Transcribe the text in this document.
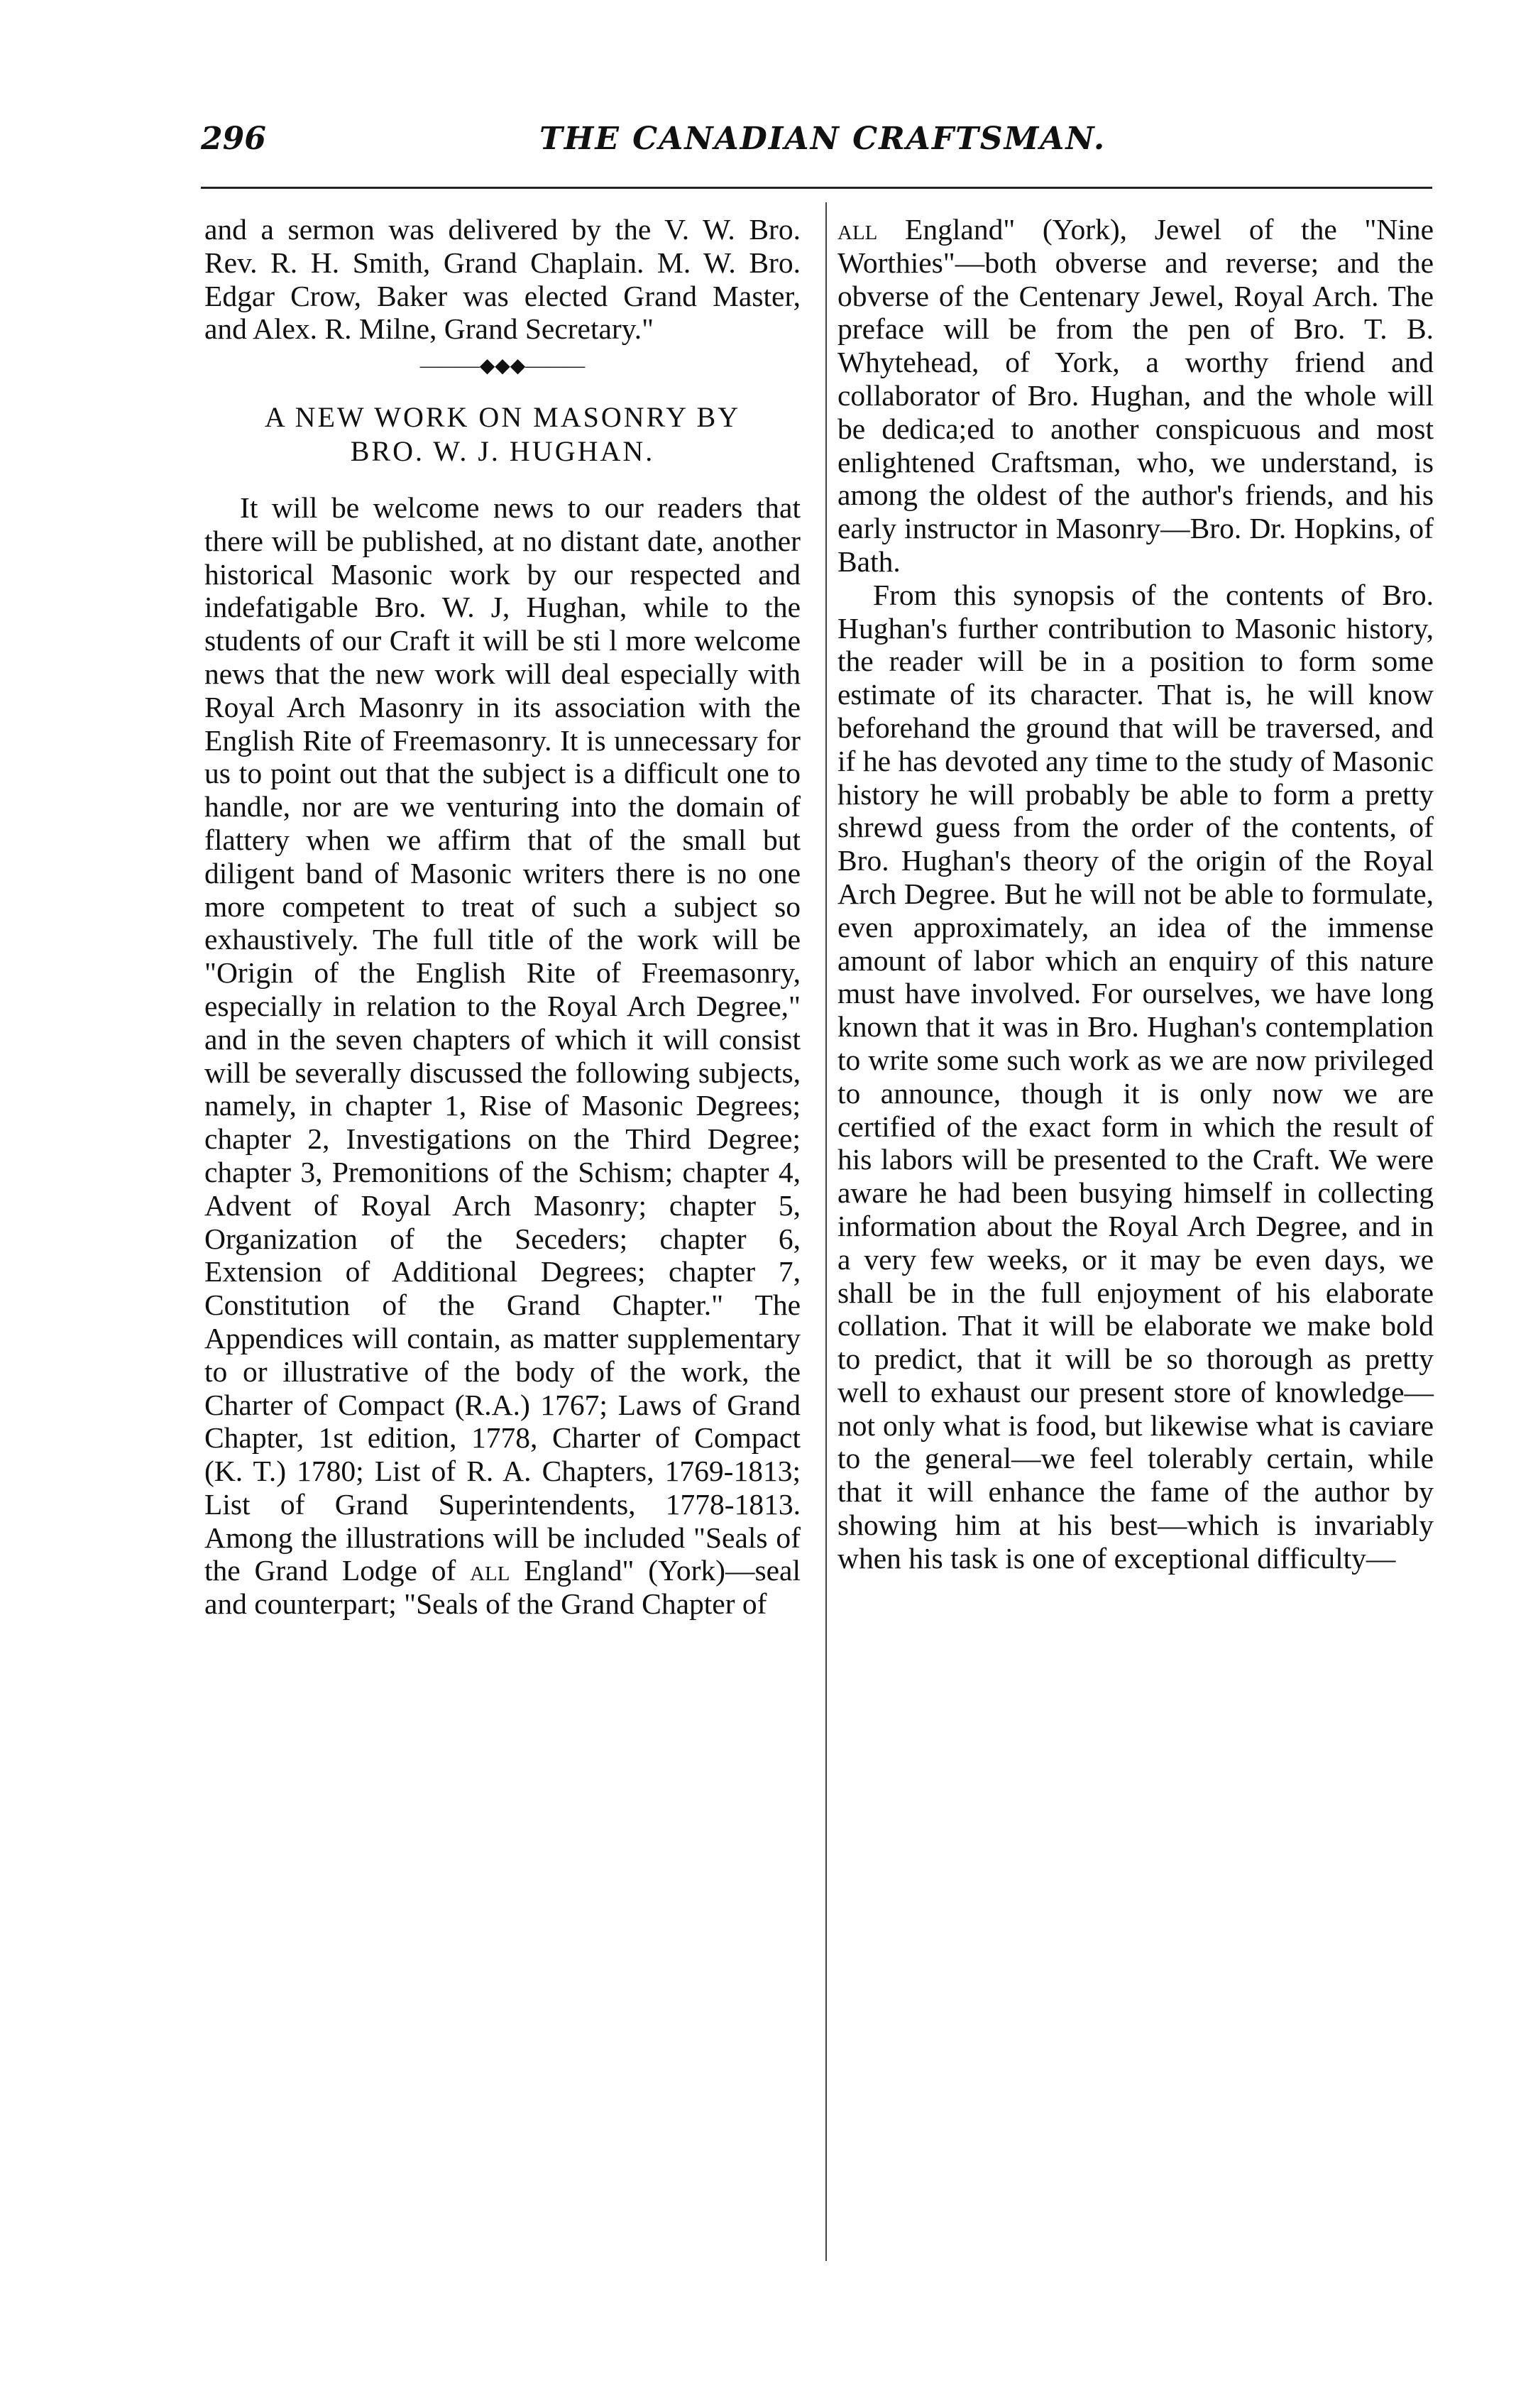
296	THE CANADIAN CRAFTSMAN.

and a sermon was delivered by the V. W. Bro. Rev. R. H. Smith, Grand Chaplain. M. W. Bro. Edgar Crow, Baker was elected Grand Master, and Alex. R. Milne, Grand Secretary."

———◆◆◆———
A NEW WORK ON MASONRY BY
BRO. W. J. HUGHAN.

It will be welcome news to our readers that there will be published, at no distant date, another historical Masonic work by our respected and indefatigable Bro. W. J, Hughan, while to the students of our Craft it will be sti l more welcome news that the new work will deal especially with Royal Arch Masonry in its association with the English Rite of Freemasonry. It is unnecessary for us to point out that the subject is a difficult one to handle, nor are we venturing into the domain of flattery when we affirm that of the small but diligent band of Masonic writers there is no one more competent to treat of such a subject so exhaustively. The full title of the work will be "Origin of the English Rite of Freemasonry, especially in relation to the Royal Arch Degree," and in the seven chapters of which it will consist will be severally discussed the following subjects, namely, in chapter 1, Rise of Masonic Degrees; chapter 2, Investigations on the Third Degree; chapter 3, Premonitions of the Schism; chapter 4, Advent of Royal Arch Masonry; chapter 5, Organization of the Seceders; chapter 6, Extension of Additional Degrees; chapter 7, Constitution of the Grand Chapter." The Appendices will contain, as matter supplementary to or illustrative of the body of the work, the Charter of Compact (R.A.) 1767; Laws of Grand Chapter, 1st edition, 1778, Charter of Compact (K. T.) 1780; List of R. A. Chapters, 1769-1813; List of Grand Superintendents, 1778-1813. Among the illustrations will be included "Seals of the Grand Lodge of all England" (York)—seal and counterpart; "Seals of the Grand Chapter of

all England" (York), Jewel of the "Nine Worthies"—both obverse and reverse; and the obverse of the Centenary Jewel, Royal Arch. The preface will be from the pen of Bro. T. B. Whytehead, of York, a worthy friend and collaborator of Bro. Hughan, and the whole will be dedica;ed to another conspicuous and most enlightened Craftsman, who, we understand, is among the oldest of the author's friends, and his early instructor in Masonry—Bro. Dr. Hopkins, of Bath.

From this synopsis of the contents of Bro. Hughan's further contribution to Masonic history, the reader will be in a position to form some estimate of its character. That is, he will know beforehand the ground that will be traversed, and if he has devoted any time to the study of Masonic history he will probably be able to form a pretty shrewd guess from the order of the contents, of Bro. Hughan's theory of the origin of the Royal Arch Degree. But he will not be able to formulate, even approximately, an idea of the immense amount of labor which an enquiry of this nature must have involved. For ourselves, we have long known that it was in Bro. Hughan's contemplation to write some such work as we are now privileged to announce, though it is only now we are certified of the exact form in which the result of his labors will be presented to the Craft. We were aware he had been busying himself in collecting information about the Royal Arch Degree, and in a very few weeks, or it may be even days, we shall be in the full enjoyment of his elaborate collation. That it will be elaborate we make bold to predict, that it will be so thorough as pretty well to exhaust our present store of knowledge—not only what is food, but likewise what is caviare to the general—we feel tolerably certain, while that it will enhance the fame of the author by showing him at his best—which is invariably when his task is one of exceptional difficulty—
